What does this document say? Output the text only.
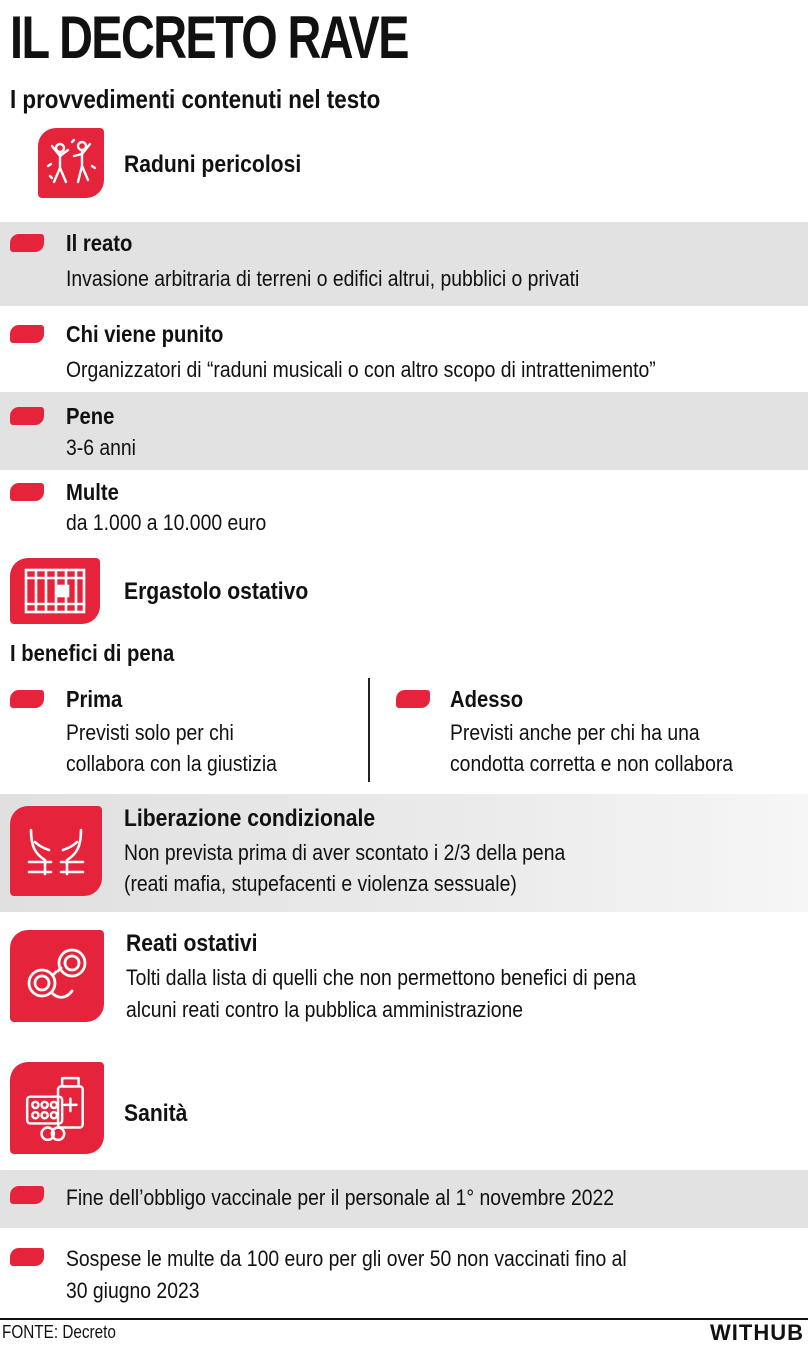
IL DECRETO RAVE
I provvedimenti contenuti nel testo
Raduni pericolosi
Il reato
Invasione arbitraria di terreni o edifici altrui, pubblici o privati
Chi viene punito
Organizzatori di “raduni musicali o con altro scopo di intrattenimento”
Pene
3-6 anni
Multe
da 1.000 a 10.000 euro
Ergastolo ostativo
I benefici di pena
Prima
Previsti solo per chi
collabora con la giustizia
Adesso
Previsti anche per chi ha una
condotta corretta e non collabora
Liberazione condizionale
Non prevista prima di aver scontato i 2/3 della pena
(reati mafia, stupefacenti e violenza sessuale)
Reati ostativi
Tolti dalla lista di quelli che non permettono benefici di pena
alcuni reati contro la pubblica amministrazione
Sanità
Fine dell’obbligo vaccinale per il personale al 1° novembre 2022
Sospese le multe da 100 euro per gli over 50 non vaccinati fino al
30 giugno 2023
FONTE: Decreto	WITHUB
